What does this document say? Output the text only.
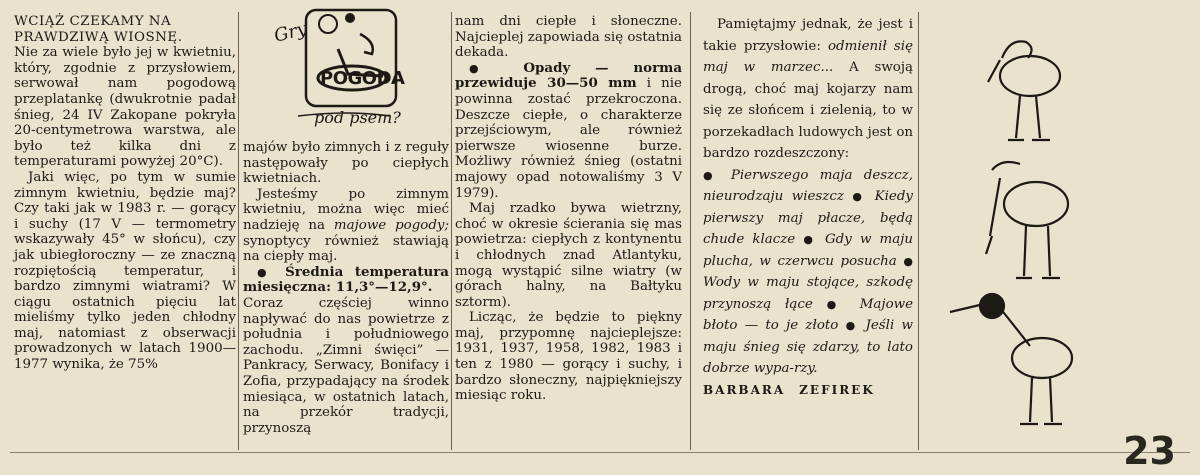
WCIĄŻ CZEKAMY NA
PRAWDZIWĄ WIOSNĘ.

Nie za wiele było jej w kwietniu, który, zgodnie z przysłowiem, serwował nam pogodową przeplatankę (dwukrotnie padał śnieg, 24 IV Zakopane pokryła 20-centymetrowa warstwa, ale było też kilka dni z temperaturami powyżej 20°C).

Jaki więc, po tym w sumie zimnym kwietniu, będzie maj? Czy taki jak w 1983 r. — gorący i suchy (17 V — termometry wskazywały 45° w słońcu), czy jak ubiegłoroczny — ze znaczną rozpiętością temperatur, i bardzo zimnymi wiatrami? W ciągu ostatnich pięciu lat mieliśmy tylko jeden chłodny maj, natomiast z obserwacji prowadzonych w latach 1900—1977 wynika, że 75%

Gry
POGODA
pod psem?

majów było zimnych i z reguły następowały po ciepłych kwietniach.

Jesteśmy po zimnym kwietniu, można więc mieć nadzieję na majowe pogody; synoptycy również stawiają na ciepły maj.

● Średnia temperatura miesięczna: 11,3°—12,9°.

Coraz częściej winno napływać do nas powietrze z południa i południowego zachodu. „Zimni święci” — Pankracy, Serwacy, Bonifacy i Zofia, przypadający na środek miesiąca, w ostatnich latach, na przekór tradycji, przynoszą

nam dni ciepłe i słoneczne. Najcieplej zapowiada się ostatnia dekada.

● Opady — norma przewiduje 30—50 mm i nie powinna zostać przekroczona. Deszcze ciepłe, o charakterze przejściowym, ale również pierwsze wiosenne burze. Możliwy również śnieg (ostatni majowy opad notowaliśmy 3 V 1979).

Maj rzadko bywa wietrzny, choć w okresie ścierania się mas powietrza: ciepłych z kontynentu i chłodnych znad Atlantyku, mogą wystąpić silne wiatry (w górach halny, na Bałtyku sztorm).

Licząc, że będzie to piękny maj, przypomnę najcieplejsze: 1931, 1937, 1958, 1982, 1983 i ten z 1980 — gorący i suchy, i bardzo słoneczny, najpiękniejszy miesiąc roku.

Pamiętajmy jednak, że jest i takie przysłowie: odmienił się maj w marzec... A swoją drogą, choć maj kojarzy nam się ze słońcem i zielenią, to w porzekadłach ludowych jest on bardzo rozdeszczony:

● Pierwszego maja deszcz, nieurodzaju wieszcz ● Kiedy pierwszy maj płacze, będą chude klacze ● Gdy w maju plucha, w czerwcu posucha ● Wody w maju stojące, szkodę przynoszą łące ● Majowe błoto — to je złoto ● Jeśli w maju śnieg się zdarzy, to lato dobrze wypa-rzy.

BARBARA ZEFIREK

23
